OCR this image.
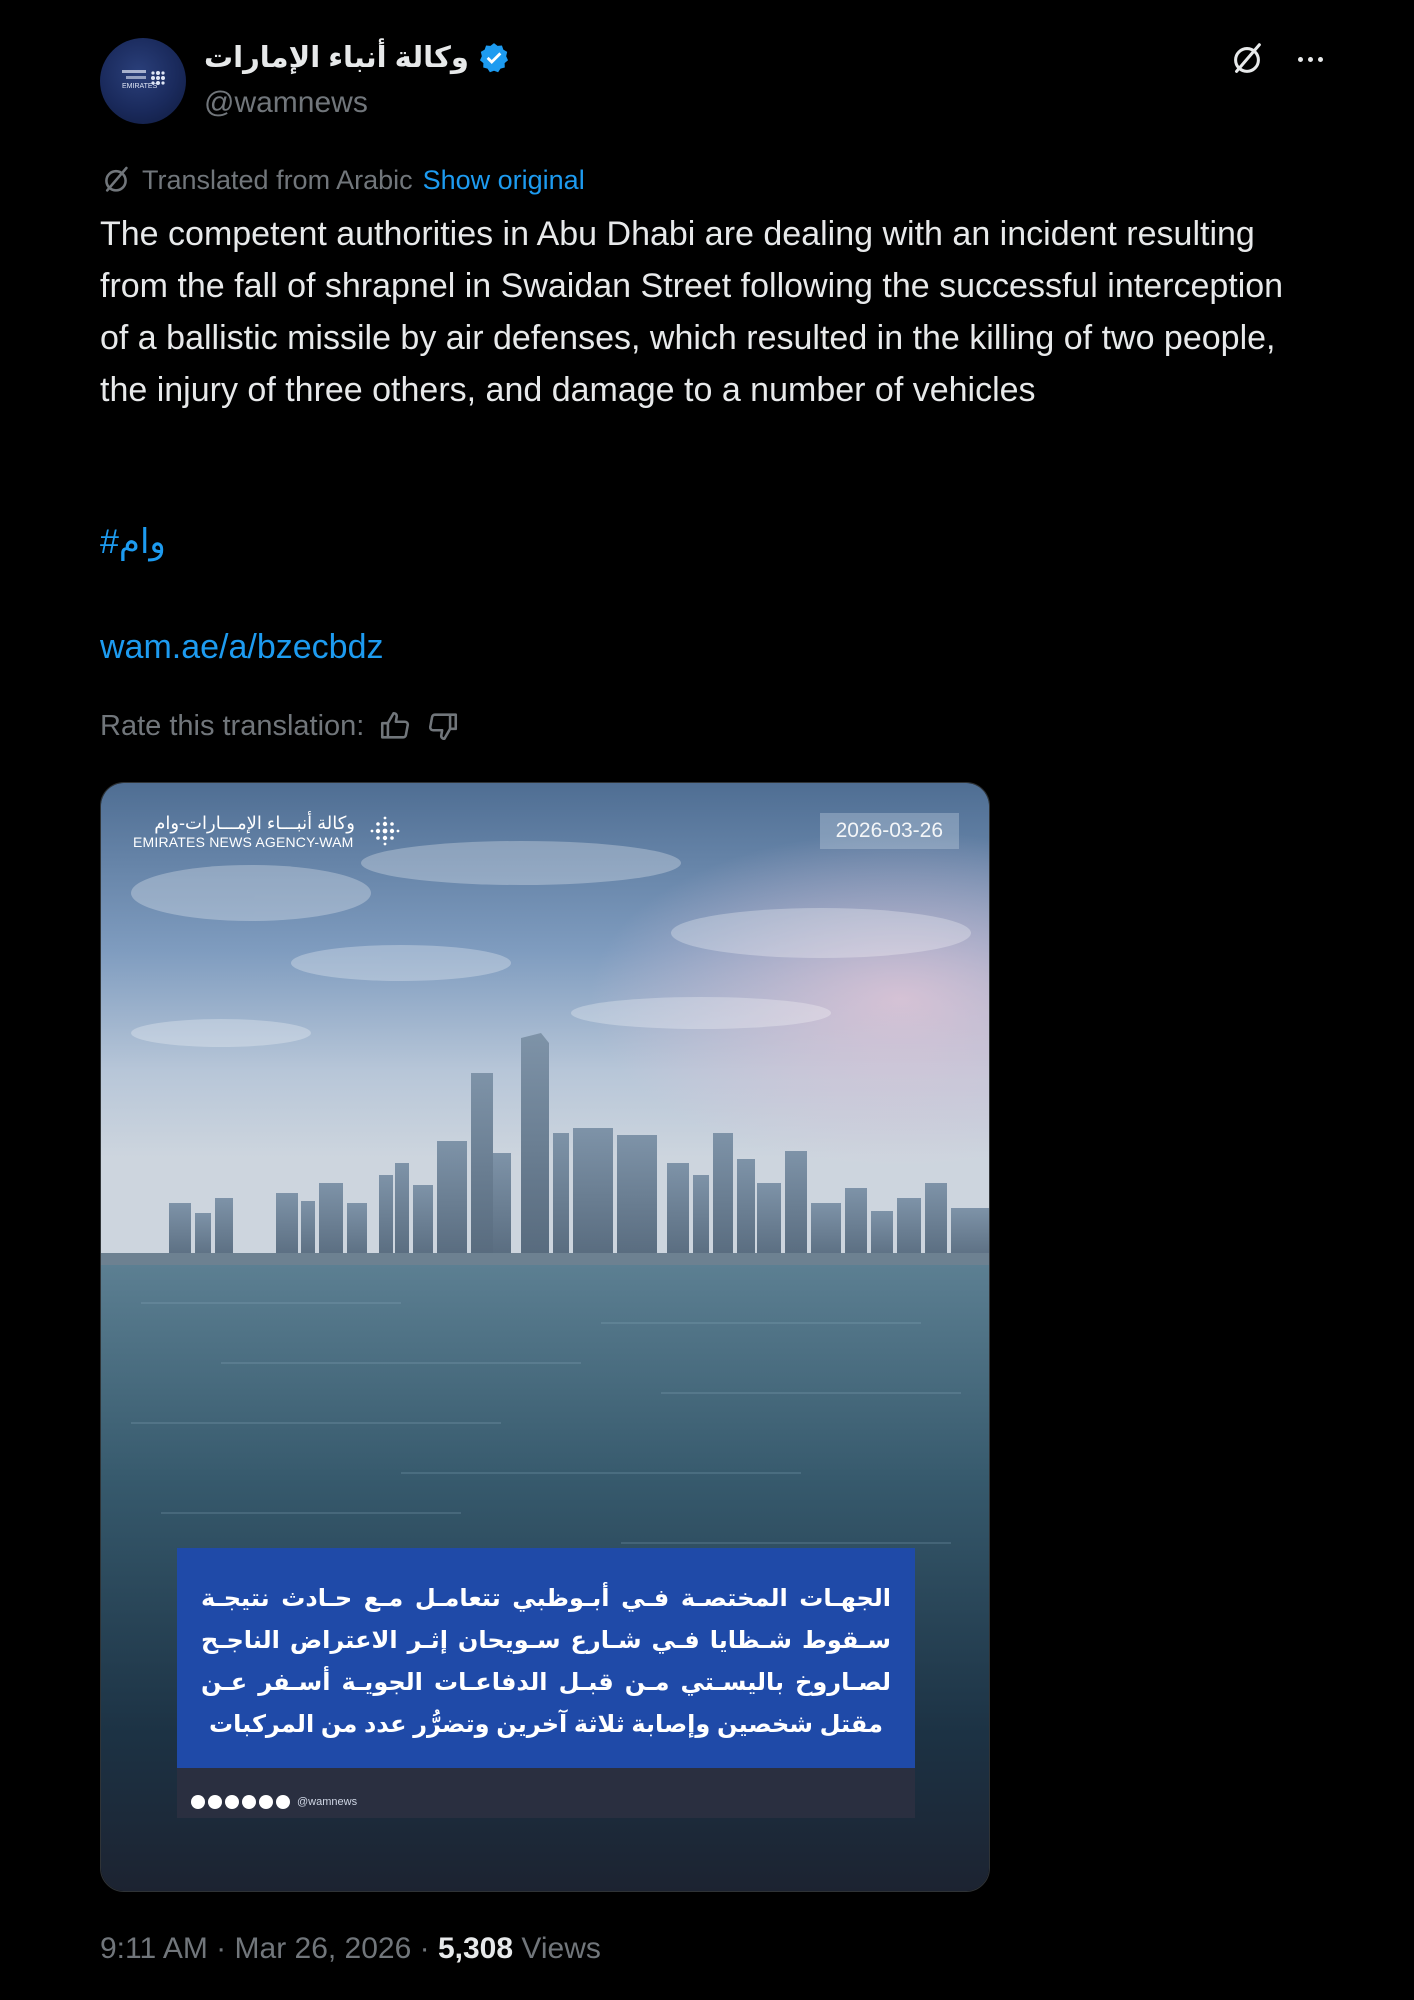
EMIRATES
وكالة أنباء الإمارات
@wamnews
Translated from Arabic Show original
The competent authorities in Abu Dhabi are dealing with an incident resulting from the fall of shrapnel in Swaidan Street following the successful interception of a ballistic missile by air defenses, which resulted in the killing of two people, the injury of three others, and damage to a number of vehicles
#وام
wam.ae/a/bzecbdz
Rate this translation:
وكالة أنبـــاء الإمـــارات-وام
EMIRATES NEWS AGENCY-WAM	2026-03-26
الجهـات المختصـة فـي أبـوظبي تتعامـل مـع حـادث نتيجـة سـقوط شـظايا فـي شـارع سـويحان إثـر الاعتراض الناجـح لصـاروخ باليسـتي مـن قبـل الدفاعـات الجويـة أسـفر عـن مقتل شخصين وإصابة ثلاثة آخرين وتضرُّر عدد من المركبات
@wamnews
9:11 AM · Mar 26, 2026 · 5,308 Views
